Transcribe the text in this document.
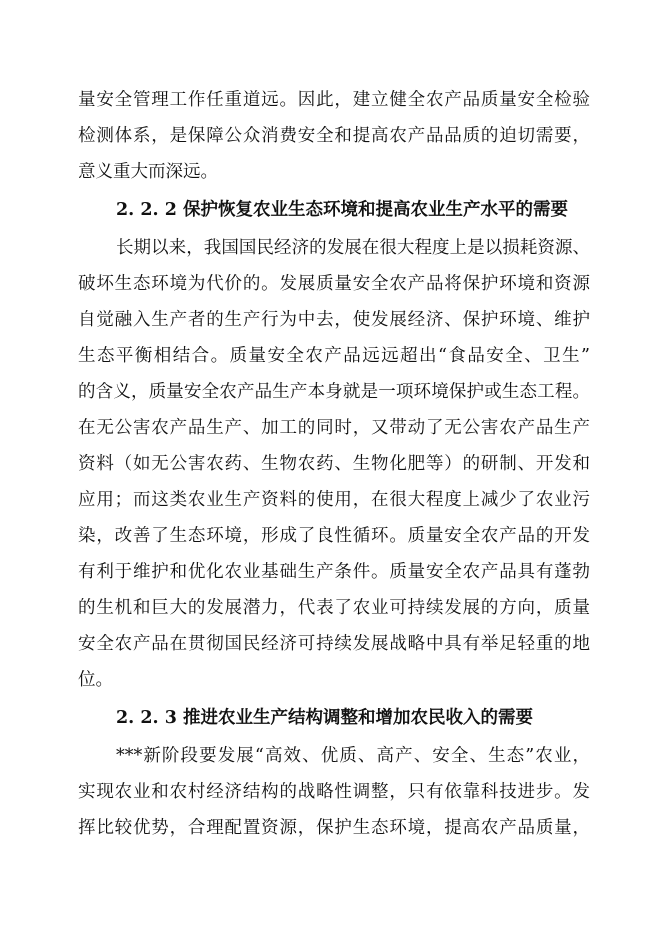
量安全管理工作任重道远。因此，建立健全农产品质量安全检验
检测体系，是保障公众消费安全和提高农产品品质的迫切需要，
意义重大而深远。
2. 2. 2 保护恢复农业生态环境和提高农业生产水平的需要
长期以来，我国国民经济的发展在很大程度上是以损耗资源、
破坏生态环境为代价的。发展质量安全农产品将保护环境和资源
自觉融入生产者的生产行为中去，使发展经济、保护环境、维护
生态平衡相结合。质量安全农产品远远超出“食品安全、卫生”
的含义，质量安全农产品生产本身就是一项环境保护或生态工程。
在无公害农产品生产、加工的同时，又带动了无公害农产品生产
资料（如无公害农药、生物农药、生物化肥等）的研制、开发和
应用；而这类农业生产资料的使用，在很大程度上减少了农业污
染，改善了生态环境，形成了良性循环。质量安全农产品的开发
有利于维护和优化农业基础生产条件。质量安全农产品具有蓬勃
的生机和巨大的发展潜力，代表了农业可持续发展的方向，质量
安全农产品在贯彻国民经济可持续发展战略中具有举足轻重的地
位。
2. 2. 3 推进农业生产结构调整和增加农民收入的需要
***新阶段要发展“高效、优质、高产、安全、生态”农业，
实现农业和农村经济结构的战略性调整，只有依靠科技进步。发
挥比较优势，合理配置资源，保护生态环境，提高农产品质量，
